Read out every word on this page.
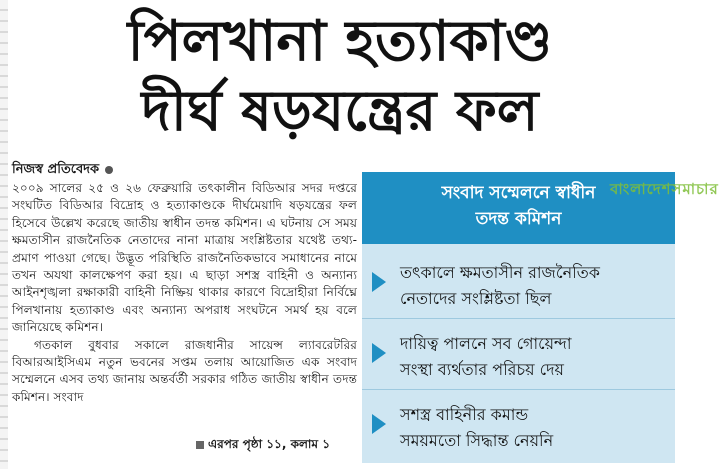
পিলখানা হত্যাকাণ্ড
দীর্ঘ ষড়যন্ত্রের ফল
নিজস্ব প্রতিবেদক

২০০৯ সালের ২৫ ও ২৬ ফেব্রুয়ারি তৎকালীন বিডিআর সদর দপ্তরে সংঘটিত বিডিআর বিদ্রোহ ও হত্যাকাণ্ডকে দীর্ঘমেয়াদি ষড়যন্ত্রের ফল হিসেবে উল্লেখ করেছে জাতীয় স্বাধীন তদন্ত কমিশন। এ ঘটনায় সে সময় ক্ষমতাসীন রাজনৈতিক নেতাদের নানা মাত্রায় সংশ্লিষ্টতার যথেষ্ট তথ্য-প্রমাণ পাওয়া গেছে। উদ্ভূত পরিস্থিতি রাজনৈতিকভাবে সমাধানের নামে তখন অযথা কালক্ষেপণ করা হয়। এ ছাড়া সশস্ত্র বাহিনী ও অন্যান্য আইনশৃঙ্খলা রক্ষাকারী বাহিনী নিষ্ক্রিয় থাকার কারণে বিদ্রোহীরা নির্বিঘ্নে পিলখানায় হত্যাকাণ্ড এবং অন্যান্য অপরাধ সংঘটনে সমর্থ হয় বলে জানিয়েছে কমিশন।

গতকাল বুধবার সকালে রাজধানীর সায়েন্স ল্যাবরেটরির বিআরআইসিএম নতুন ভবনের সপ্তম তলায় আয়োজিত এক সংবাদ সম্মেলনে এসব তথ্য জানায় অন্তর্বর্তী সরকার গঠিত জাতীয় স্বাধীন তদন্ত কমিশন। সংবাদ

এরপর পৃষ্ঠা ১১, কলাম ১
সংবাদ সম্মেলনে স্বাধীন
তদন্ত কমিশন
বাংলাদেশসমাচার
তৎকালে ক্ষমতাসীন রাজনৈতিক
নেতাদের সংশ্লিষ্টতা ছিল
দায়িত্ব পালনে সব গোয়েন্দা
সংস্থা ব্যর্থতার পরিচয় দেয়
সশস্ত্র বাহিনীর কমান্ড
সময়মতো সিদ্ধান্ত নেয়নি
